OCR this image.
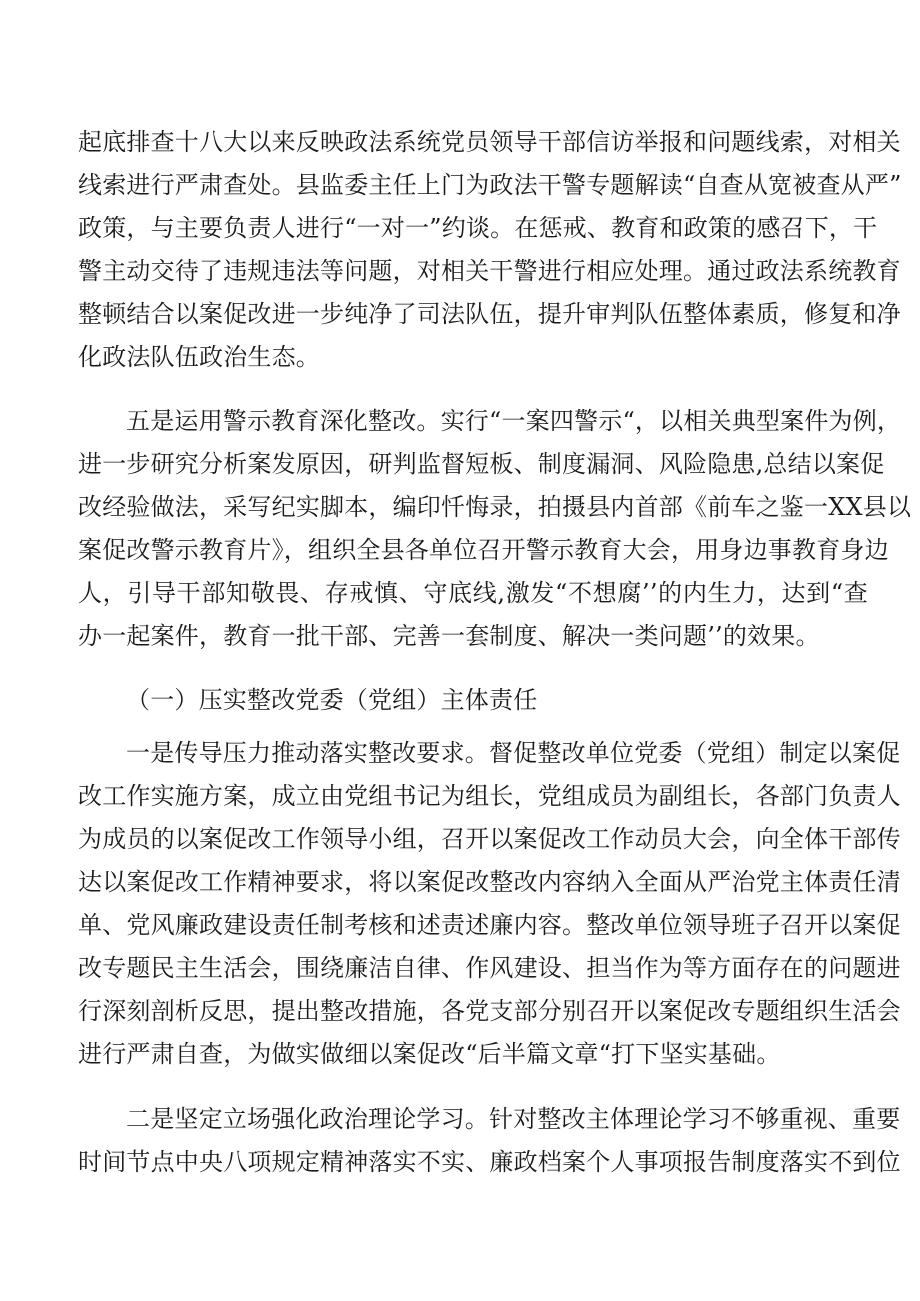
起底排查十八大以来反映政法系统党员领导干部信访举报和问题线索，对相关
线索进行严肃查处。县监委主任上门为政法干警专题解读“自查从宽被查从严”
政策，与主要负责人进行“一对一”约谈。在惩戒、教育和政策的感召下，干
警主动交待了违规违法等问题，对相关干警进行相应处理。通过政法系统教育
整顿结合以案促改进一步纯净了司法队伍，提升审判队伍整体素质，修复和净
化政法队伍政治生态。
五是运用警示教育深化整改。实行“一案四警示“，以相关典型案件为例，
进一步研究分析案发原因，研判监督短板、制度漏洞、风险隐患,总结以案促
改经验做法，采写纪实脚本，编印忏悔录，拍摄县内首部《前车之鉴一XX县以
案促改警示教育片》，组织全县各单位召开警示教育大会，用身边事教育身边
人，引导干部知敬畏、存戒慎、守底线,激发“不想腐’’的内生力，达到“查
办一起案件，教育一批干部、完善一套制度、解决一类问题’’的效果。
（一）压实整改党委（党组）主体责任
一是传导压力推动落实整改要求。督促整改单位党委（党组）制定以案促
改工作实施方案，成立由党组书记为组长，党组成员为副组长，各部门负责人
为成员的以案促改工作领导小组，召开以案促改工作动员大会，向全体干部传
达以案促改工作精神要求，将以案促改整改内容纳入全面从严治党主体责任清
单、党风廉政建设责任制考核和述责述廉内容。整改单位领导班子召开以案促
改专题民主生活会，围绕廉洁自律、作风建设、担当作为等方面存在的问题进
行深刻剖析反思，提出整改措施，各党支部分别召开以案促改专题组织生活会
进行严肃自查，为做实做细以案促改“后半篇文章“打下坚实基础。
二是坚定立场强化政治理论学习。针对整改主体理论学习不够重视、重要
时间节点中央八项规定精神落实不实、廉政档案个人事项报告制度落实不到位
